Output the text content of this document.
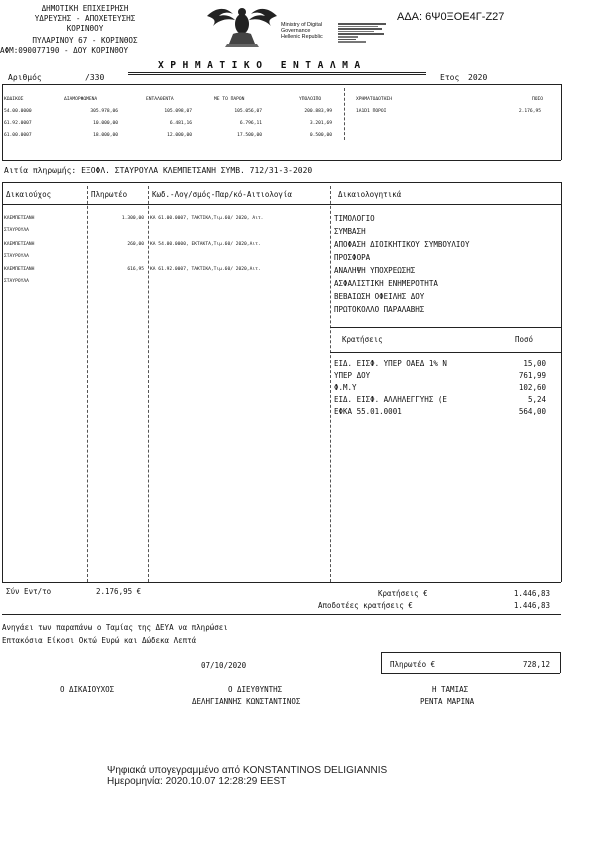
ΔΗΜΟΤΙΚΗ ΕΠΙΧΕΙΡΗΣΗ
ΥΔΡΕΥΣΗΣ - ΑΠΟΧΕΤΕΥΣΗΣ
ΚΟΡΙΝΘΟΥ
ΠΥΛΑΡΙΝΟΥ 67 - ΚΟΡΙΝΘΟΣ
ΑΦΜ:090077190 - ΔΟΥ ΚΟΡΙΝΘΟΥ
Ministry of Digital
Governance
Hellenic Republic
ΑΔΑ: 6Ψ0ΞΟΕ4Γ-Ζ27
ΧΡΗΜΑΤΙΚΟ ΕΝΤΑΛΜΑ
Αριθμός	/330	Ετος 2020
ΚΩΔΙΚΟΣ	ΔΙΑΜΟΡΦΩΜΕΝΑ	ΕΝΤΑΛΘΕΝΤΑ	ΜΕ ΤΟ ΠΑΡΟΝ	ΥΠΟΛΟΙΠΟ	ΧΡΗΜΑΤΟΔΟΤΗΣΗ	ΠΟΣΟ
54.00.0000	305.978,06	105.098,07	105.056,07	200.883,99
61.92.0007	10.000,00	6.481,16	6.796,11	3.201,69
61.00.0007	18.000,00	12.000,00	17.500,00	0.500,00
1A1D1 ΠΟΡΟΙ	2.176,95
Αιτία πληρωμής: ΕΞΟΦΛ. ΣΤΑΥΡΟΥΛΑ ΚΛΕΜΠΕΤΣΑΝΗ ΣΥΜΒ. 712/31-3-2020
Δικαιούχος	Πληρωτέο	Κωδ.-Λογ/σμός-Παρ/κό-Αιτιολογία	Δικαιολογητικά
ΚΛΕΜΠΕΤΣΑΝΗ	1.300,00 ΚΑ 61.00.0007, ΤΑΚΤΙΚΑ,Τιμ.60/ 2020, Αιτ.
ΣΤΑΥΡΟΥΛΑ
ΚΛΕΜΠΕΤΣΑΝΗ	260,00 ΚΑ 54.00.0000, ΕΚΤΑΚΤΑ,Τιμ.60/ 2020,Αιτ.
ΣΤΑΥΡΟΥΛΑ
ΚΛΕΜΠΕΤΣΑΝΗ	616,95 ΚΑ 61.92.0007, ΤΑΚΤΙΚΑ,Τιμ.60/ 2020,Αιτ.
ΣΤΑΥΡΟΥΛΑ
ΤΙΜΟΛΟΓΙΟ
ΣΥΜΒΑΣΗ
ΑΠΟΦΑΣΗ ΔΙΟΙΚΗΤΙΚΟΥ ΣΥΜΒΟΥΛΙΟΥ
ΠΡΟΣΦΟΡΑ
ΑΝΑΛΗΨΗ ΥΠΟΧΡΕΩΣΗΣ
ΑΣΦΑΛΙΣΤΙΚΗ ΕΝΗΜΕΡΟΤΗΤΑ
ΒΕΒΑΙΩΣΗ ΟΦΕΙΛΗΣ ΔΟΥ
ΠΡΩΤΟΚΟΛΛΟ ΠΑΡΑΛΑΒΗΣ
Κρατήσεις	Ποσό
ΕΙΔ. ΕΙΣΦ. ΥΠΕΡ ΟΑΕΔ 1% Ν	15,00
ΥΠΕΡ ΔΟΥ	761,99
Φ.Μ.Υ	102,60
ΕΙΔ. ΕΙΣΦ. ΑΛΛΗΛΕΓΓΥΗΣ (Ε	5,24
ΕΦΚΑ 55.01.0001	564,00
Σύν Εντ/το	2.176,95 €	Κρατήσεις €	1.446,83
Αποδοτέες κρατήσεις €	1.446,83
Ανηγάει των παραπάνω ο Ταμίας της ΔΕΥΑ να πληρώσει
Επτακόσια Είκοσι Οκτώ Ευρώ και Δώδεκα Λεπτά
07/10/2020	Πληρωτέο €	728,12
Ο ΔΙΚΑΙΟΥΧΟΣ	Ο ΔΙΕΥΘΥΝΤΗΣ
ΔΕΛΗΓΙΑΝΝΗΣ ΚΩΝΣΤΑΝΤΙΝΟΣ
Η ΤΑΜΙΑΣ
ΡΕΝΤΑ ΜΑΡΙΝΑ
Ψηφιακά υπογεγραμμένο από KONSTANTINOS DELIGIANNIS
Ημερομηνία: 2020.10.07 12:28:29 EEST
